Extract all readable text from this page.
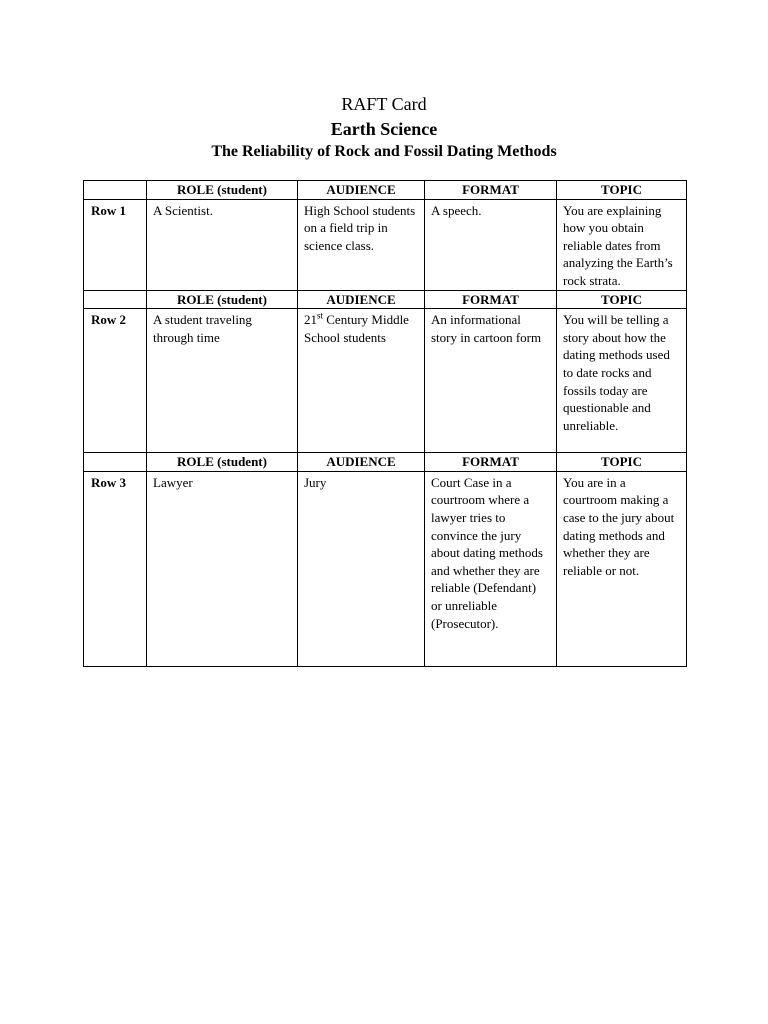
RAFT Card
Earth Science
The Reliability of Rock and Fossil Dating Methods
	ROLE (student)	AUDIENCE	FORMAT	TOPIC
Row 1	A Scientist.	High School students on a field trip in science class.	A speech.	You are explaining how you obtain reliable dates from analyzing the Earth’s rock strata.
	ROLE (student)	AUDIENCE	FORMAT	TOPIC
Row 2	A student traveling through time	21st Century Middle School students	An informational story in cartoon form	You will be telling a story about how the dating methods used to date rocks and fossils today are questionable and unreliable.
	ROLE (student)	AUDIENCE	FORMAT	TOPIC
Row 3	Lawyer	Jury	Court Case in a courtroom where a lawyer tries to convince the jury about dating methods and whether they are reliable (Defendant) or unreliable (Prosecutor).	You are in a courtroom making a case to the jury about dating methods and whether they are reliable or not.
